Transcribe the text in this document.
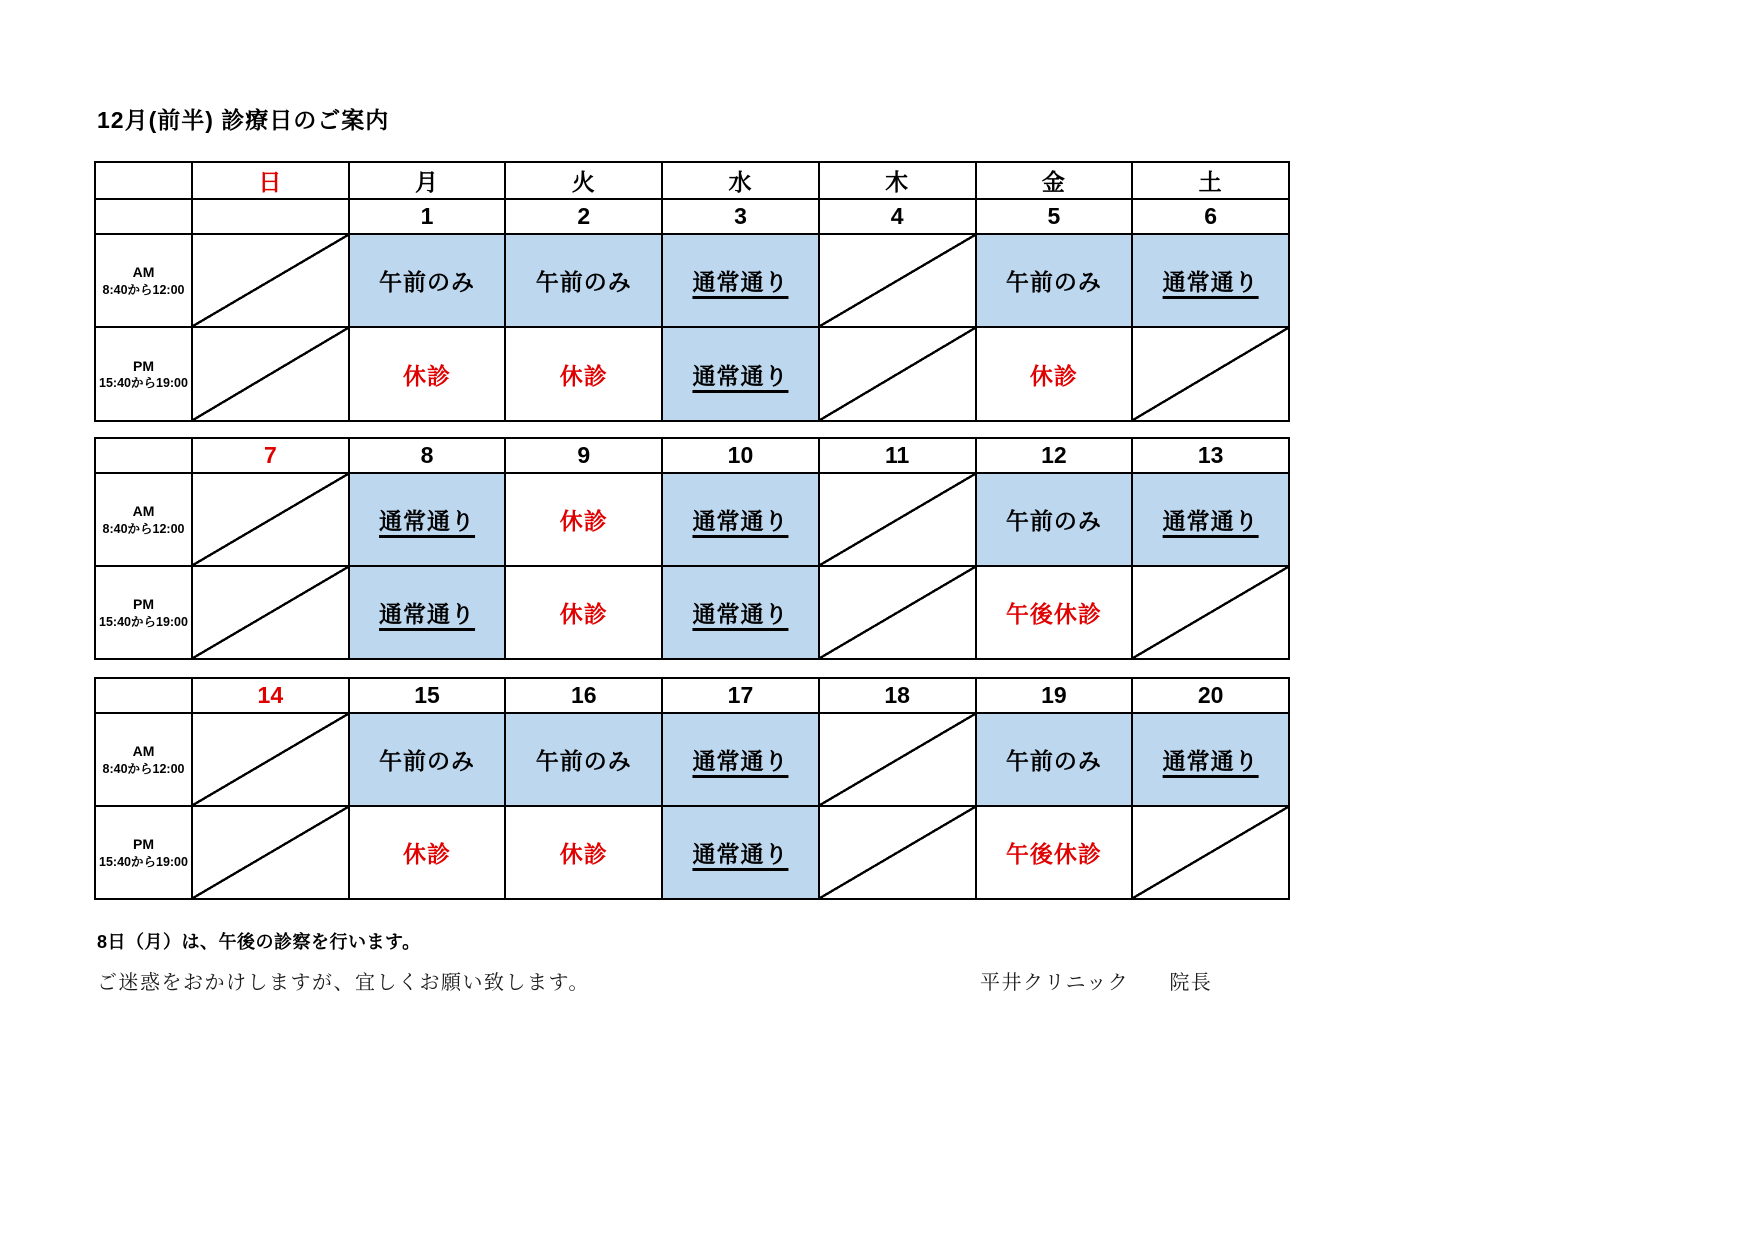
12月(前半) 診療日のご案内
	日	月	火	水	木	金	土
		1	2	3	4	5	6

AM
8:40から12:00		午前のみ	午前のみ	通常通り		午前のみ	通常通り

PM
15:40から19:00		休診	休診	通常通り		休診	
	7	8	9	10	11	12	13

AM
8:40から12:00		通常通り	休診	通常通り		午前のみ	通常通り

PM
15:40から19:00		通常通り	休診	通常通り		午後休診	
	14	15	16	17	18	19	20

AM
8:40から12:00		午前のみ	午前のみ	通常通り		午前のみ	通常通り

PM
15:40から19:00		休診	休診	通常通り		午後休診	

8日（月）は、午後の診察を行います。

ご迷惑をおかけしますが、宜しくお願い致します。	平井クリニック 院長
